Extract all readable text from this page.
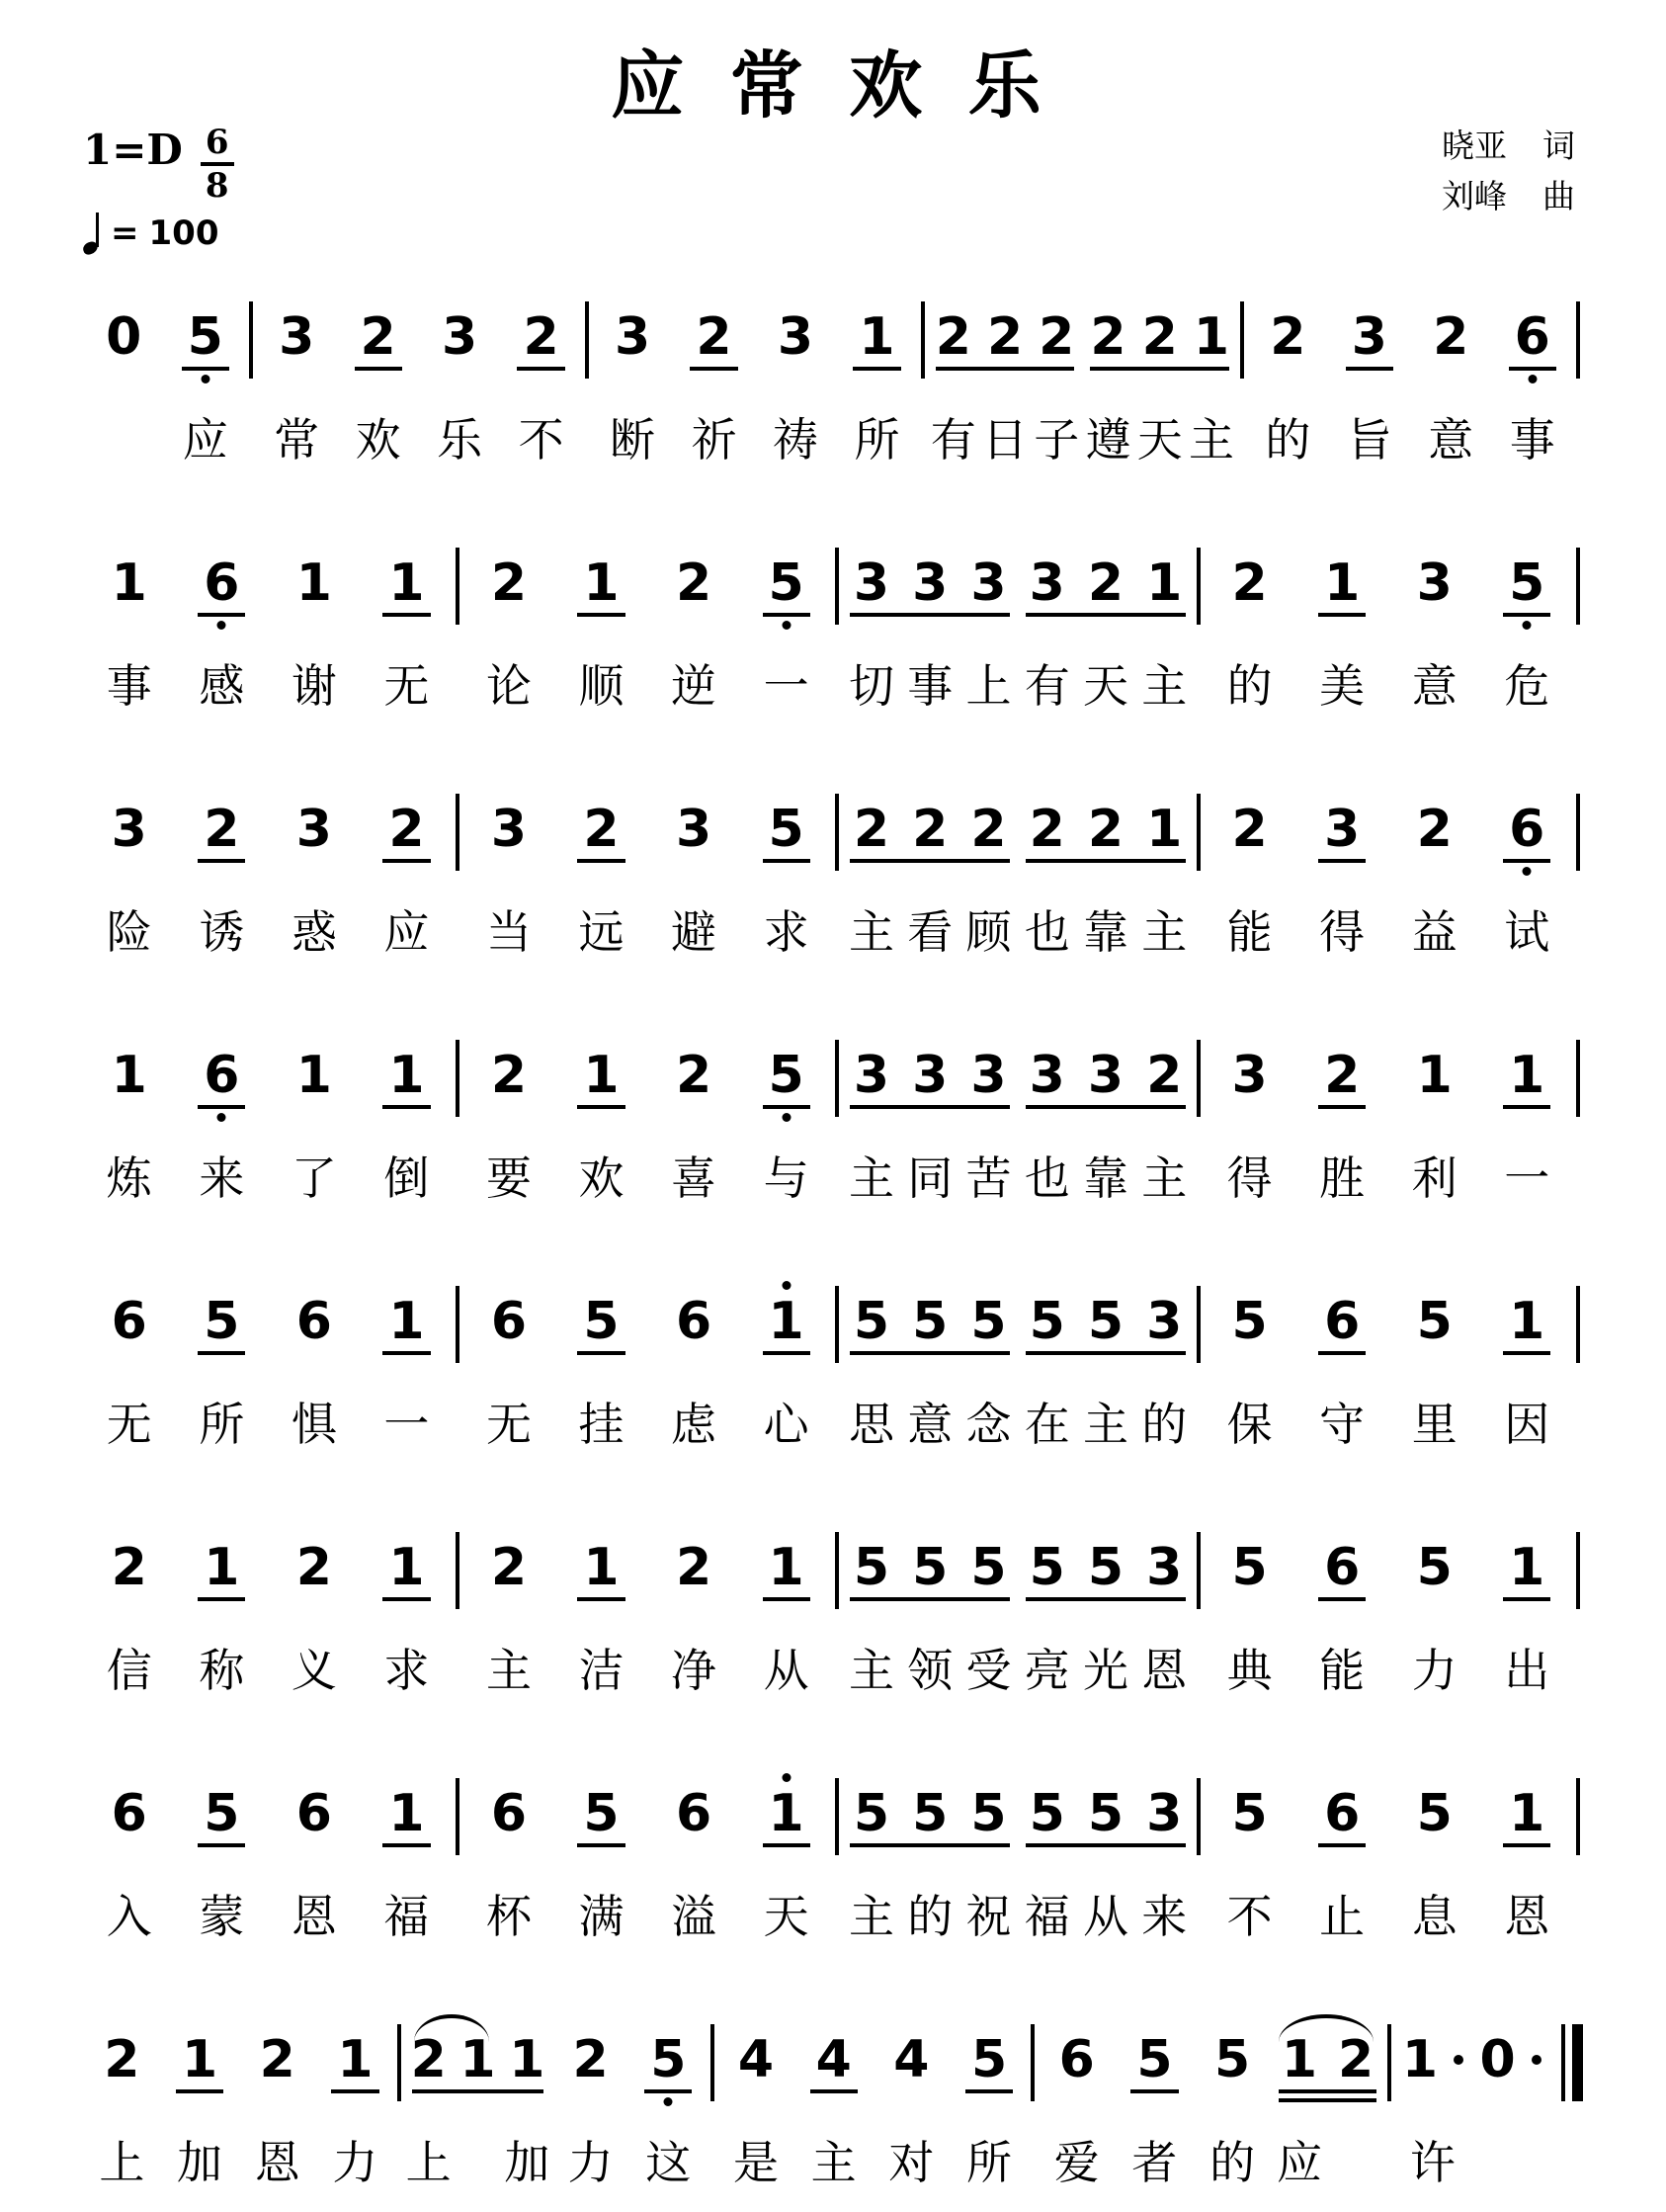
应 常 欢 乐
晓亚 词
刘峰 曲
$1=D \frac{6}{8}$
= 100
0 5
应
3
常
2
欢
3
乐
2
不
3
断
2
祈
3
祷
1
所
2
有
2
日
2
子
2
遵
2
天
1
主
2
的
3
旨
2
意
6
事
1
事
6
感
1
谢
1
无
2
论
1
顺
2
逆
5
一
3
切
3
事
3
上
3
有
2
天
1
主
2
的
1
美
3
意
5
危
3
险
2
诱
3
惑
2
应
3
当
2
远
3
避
5
求
2
主
2
看
2
顾
2
也
2
靠
1
主
2
能
3
得
2
益
6
试
1
炼
6
来
1
了
1
倒
2
要
1
欢
2
喜
5
与
3
主
3
同
3
苦
3
也
3
靠
2
主
3
得
2
胜
1
利
1
一
6
无
5
所
6
惧
1
一
6
无
5
挂
6
虑
1
心
5
思
5
意
5
念
5
在
5
主
3
的
5
保
6
守
5
里
1
因
2
信
1
称
2
义
1
求
2
主
1
洁
2
净
1
从
5
主
5
领
5
受
5
亮
5
光
3
恩
5
典
6
能
5
力
1
出
6
入
5
蒙
6
恩
1
福
6
杯
5
满
6
溢
1
天
5
主
5
的
5
祝
5
福
5
从
3
来
5
不
6
止
5
息
1
恩
2
上
1
加
2
恩
1
力
2
上
1 1
加
2
力
5
这
4
是
4
主
4
对
5
所
6
爱
5
者
5
的
1
应
2 1
许
0
